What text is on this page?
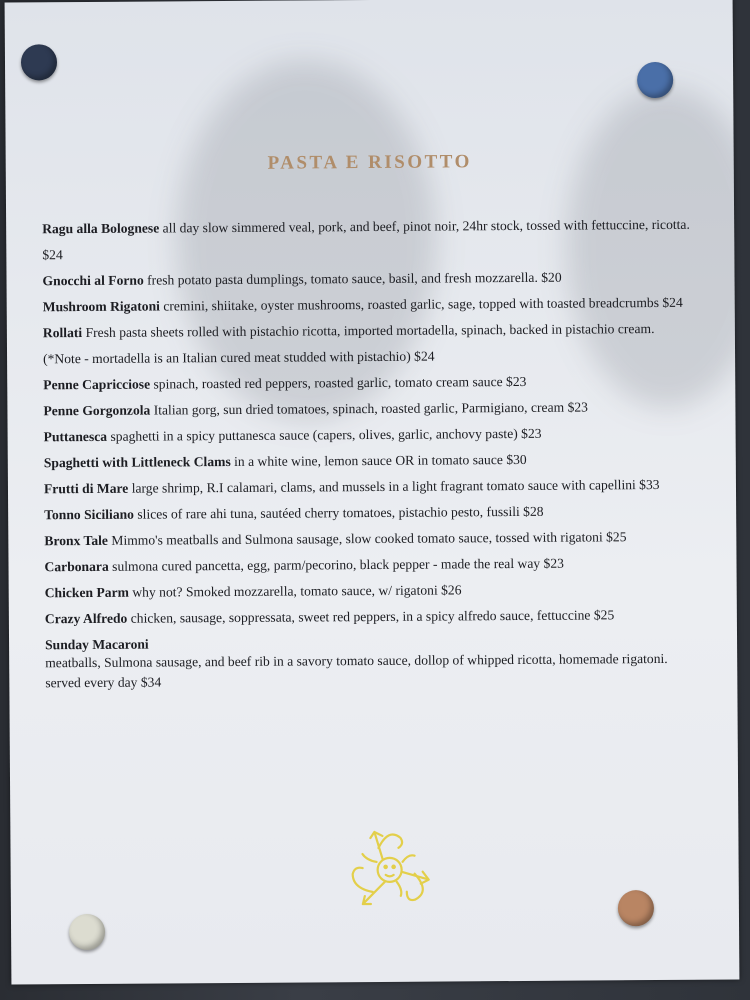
PASTA E RISOTTO

Ragu alla Bolognese all day slow simmered veal, pork, and beef, pinot noir, 24hr stock, tossed with fettuccine, ricotta. $24

Gnocchi al Forno fresh potato pasta dumplings, tomato sauce, basil, and fresh mozzarella. $20

Mushroom Rigatoni cremini, shiitake, oyster mushrooms, roasted garlic, sage, topped with toasted breadcrumbs $24

Rollati Fresh pasta sheets rolled with pistachio ricotta, imported mortadella, spinach, backed in pistachio cream. (*Note - mortadella is an Italian cured meat studded with pistachio) $24

Penne Capricciose spinach, roasted red peppers, roasted garlic, tomato cream sauce $23

Penne Gorgonzola Italian gorg, sun dried tomatoes, spinach, roasted garlic, Parmigiano, cream $23

Puttanesca spaghetti in a spicy puttanesca sauce (capers, olives, garlic, anchovy paste) $23

Spaghetti with Littleneck Clams in a white wine, lemon sauce OR in tomato sauce $30

Frutti di Mare large shrimp, R.I calamari, clams, and mussels in a light fragrant tomato sauce with capellini $33

Tonno Siciliano slices of rare ahi tuna, sautéed cherry tomatoes, pistachio pesto, fussili $28

Bronx Tale Mimmo's meatballs and Sulmona sausage, slow cooked tomato sauce, tossed with rigatoni $25

Carbonara sulmona cured pancetta, egg, parm/pecorino, black pepper - made the real way $23

Chicken Parm why not? Smoked mozzarella, tomato sauce, w/ rigatoni $26

Crazy Alfredo chicken, sausage, soppressata, sweet red peppers, in a spicy alfredo sauce, fettuccine $25

Sunday Macaroni
meatballs, Sulmona sausage, and beef rib in a savory tomato sauce, dollop of whipped ricotta, homemade rigatoni. served every day $34
